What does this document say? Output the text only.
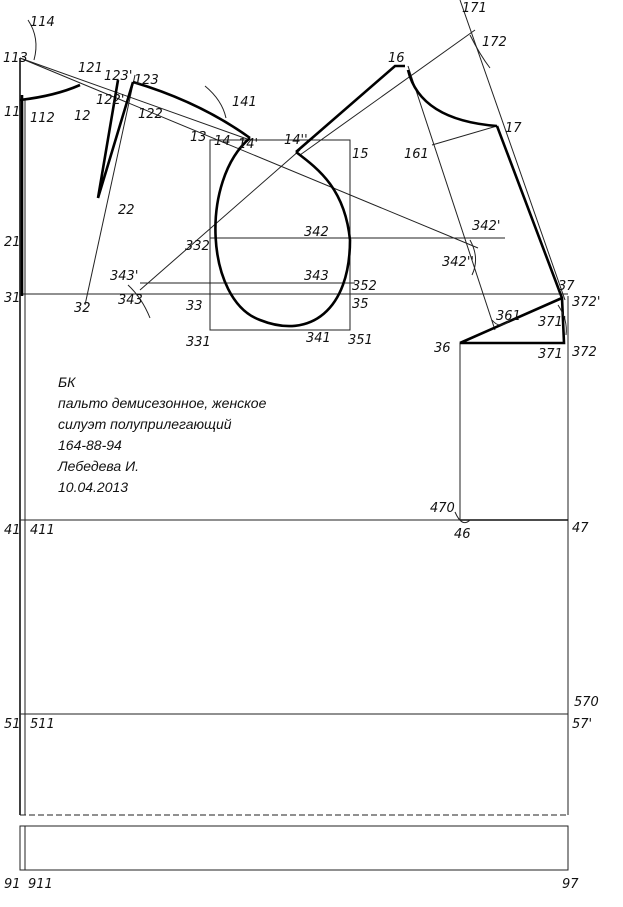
114
113
11 112 12
121
122'
123' 123
122
141
13 14 14' 14''
15
16
171
172
17
161
22
21	332
342	342'
342''
343
343'
343
352
31
32	33	35
37
372'
361 371'
331	341 351
36	371 372
470
41 411	46	47
570
51 511	57'
91 911	97
БК
пальто демисезонное, женское
силуэт полуприлегающий
164-88-94
Лебедева И.
10.04.2013
